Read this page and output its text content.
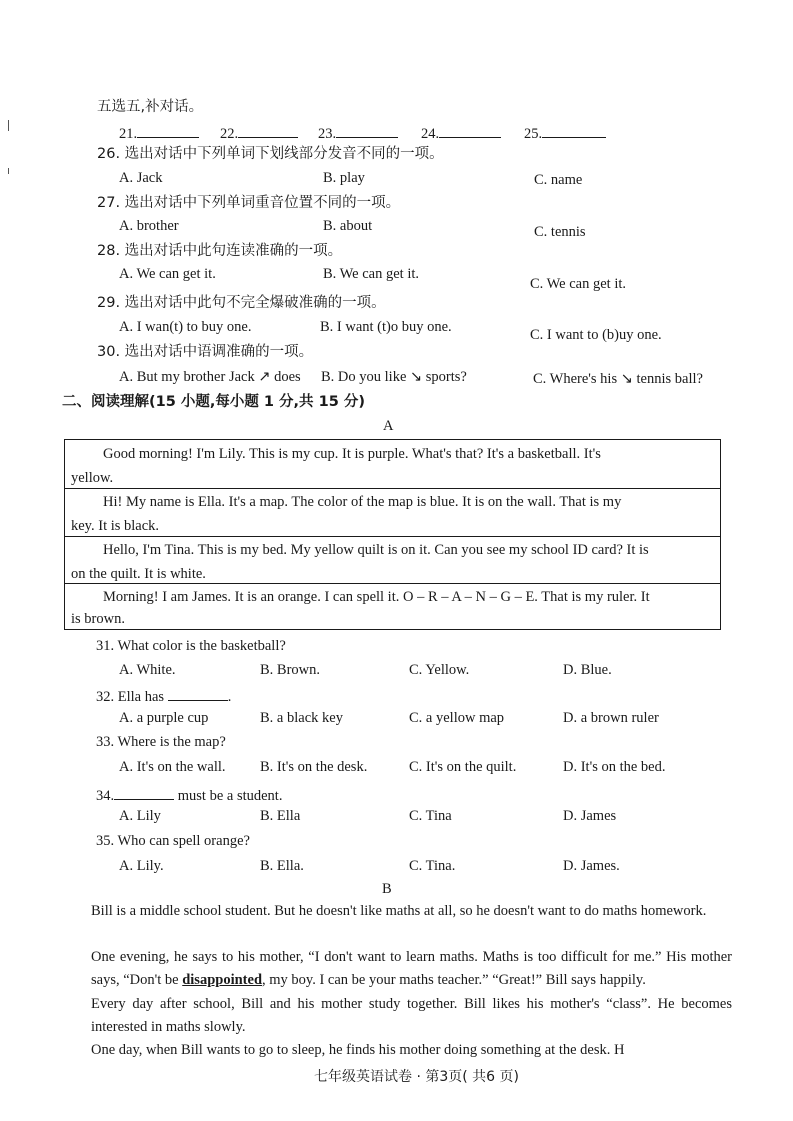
五选五,补对话。
21.	22.	23.	24.	25.
26. 选出对话中下列单词下划线部分发音不同的一项。
A. Jack	B. play	C. name
27. 选出对话中下列单词重音位置不同的一项。
A. brother	B. about	C. tennis
28. 选出对话中此句连读准确的一项。
A. We can get it.	B. We can get it.
C. We can get it.
29. 选出对话中此句不完全爆破准确的一项。
A. I wan(t) to buy one.	B. I want (t)o buy one.	C. I want to (b)uy one.
30. 选出对话中语调准确的一项。
A. But my brother Jack ↗ does B. Do you like ↘ sports?	C. Where's his ↘ tennis ball?
二、阅读理解(15 小题,每小题 1 分,共 15 分)
A
Good morning! I'm Lily. This is my cup. It is purple. What's that? It's a basketball. It's
yellow.
Hi! My name is Ella. It's a map. The color of the map is blue. It is on the wall. That is my
key. It is black.
Hello, I'm Tina. This is my bed. My yellow quilt is on it. Can you see my school ID card? It is
on the quilt. It is white.
Morning! I am James. It is an orange. I can spell it. O – R – A – N – G – E. That is my ruler. It
is brown.
31. What color is the basketball?
A. White.	B. Brown.	C. Yellow.	D. Blue.
32. Ella has	.
A. a purple cup	B. a black key	C. a yellow map	D. a brown ruler
33. Where is the map?
A. It's on the wall. B. It's on the desk.	C. It's on the quilt.	D. It's on the bed.
34.	must be a student.
A. Lily	B. Ella	C. Tina	D. James
35. Who can spell orange?
A. Lily.	B. Ella.	C. Tina.	D. James.
B
Bill is a middle school student. But he doesn't like maths at all, so he doesn't want to do maths homework.
One evening, he says to his mother, “I don't want to learn maths. Maths is too difficult for me.” His mother says, “Don't be disappointed, my boy. I can be your maths teacher.” “Great!” Bill says happily.
Every day after school, Bill and his mother study together. Bill likes his mother's “class”. He becomes interested in maths slowly.
One day, when Bill wants to go to sleep, he finds his mother doing something at the desk. H
七年级英语试卷 · 第3页( 共6 页)
